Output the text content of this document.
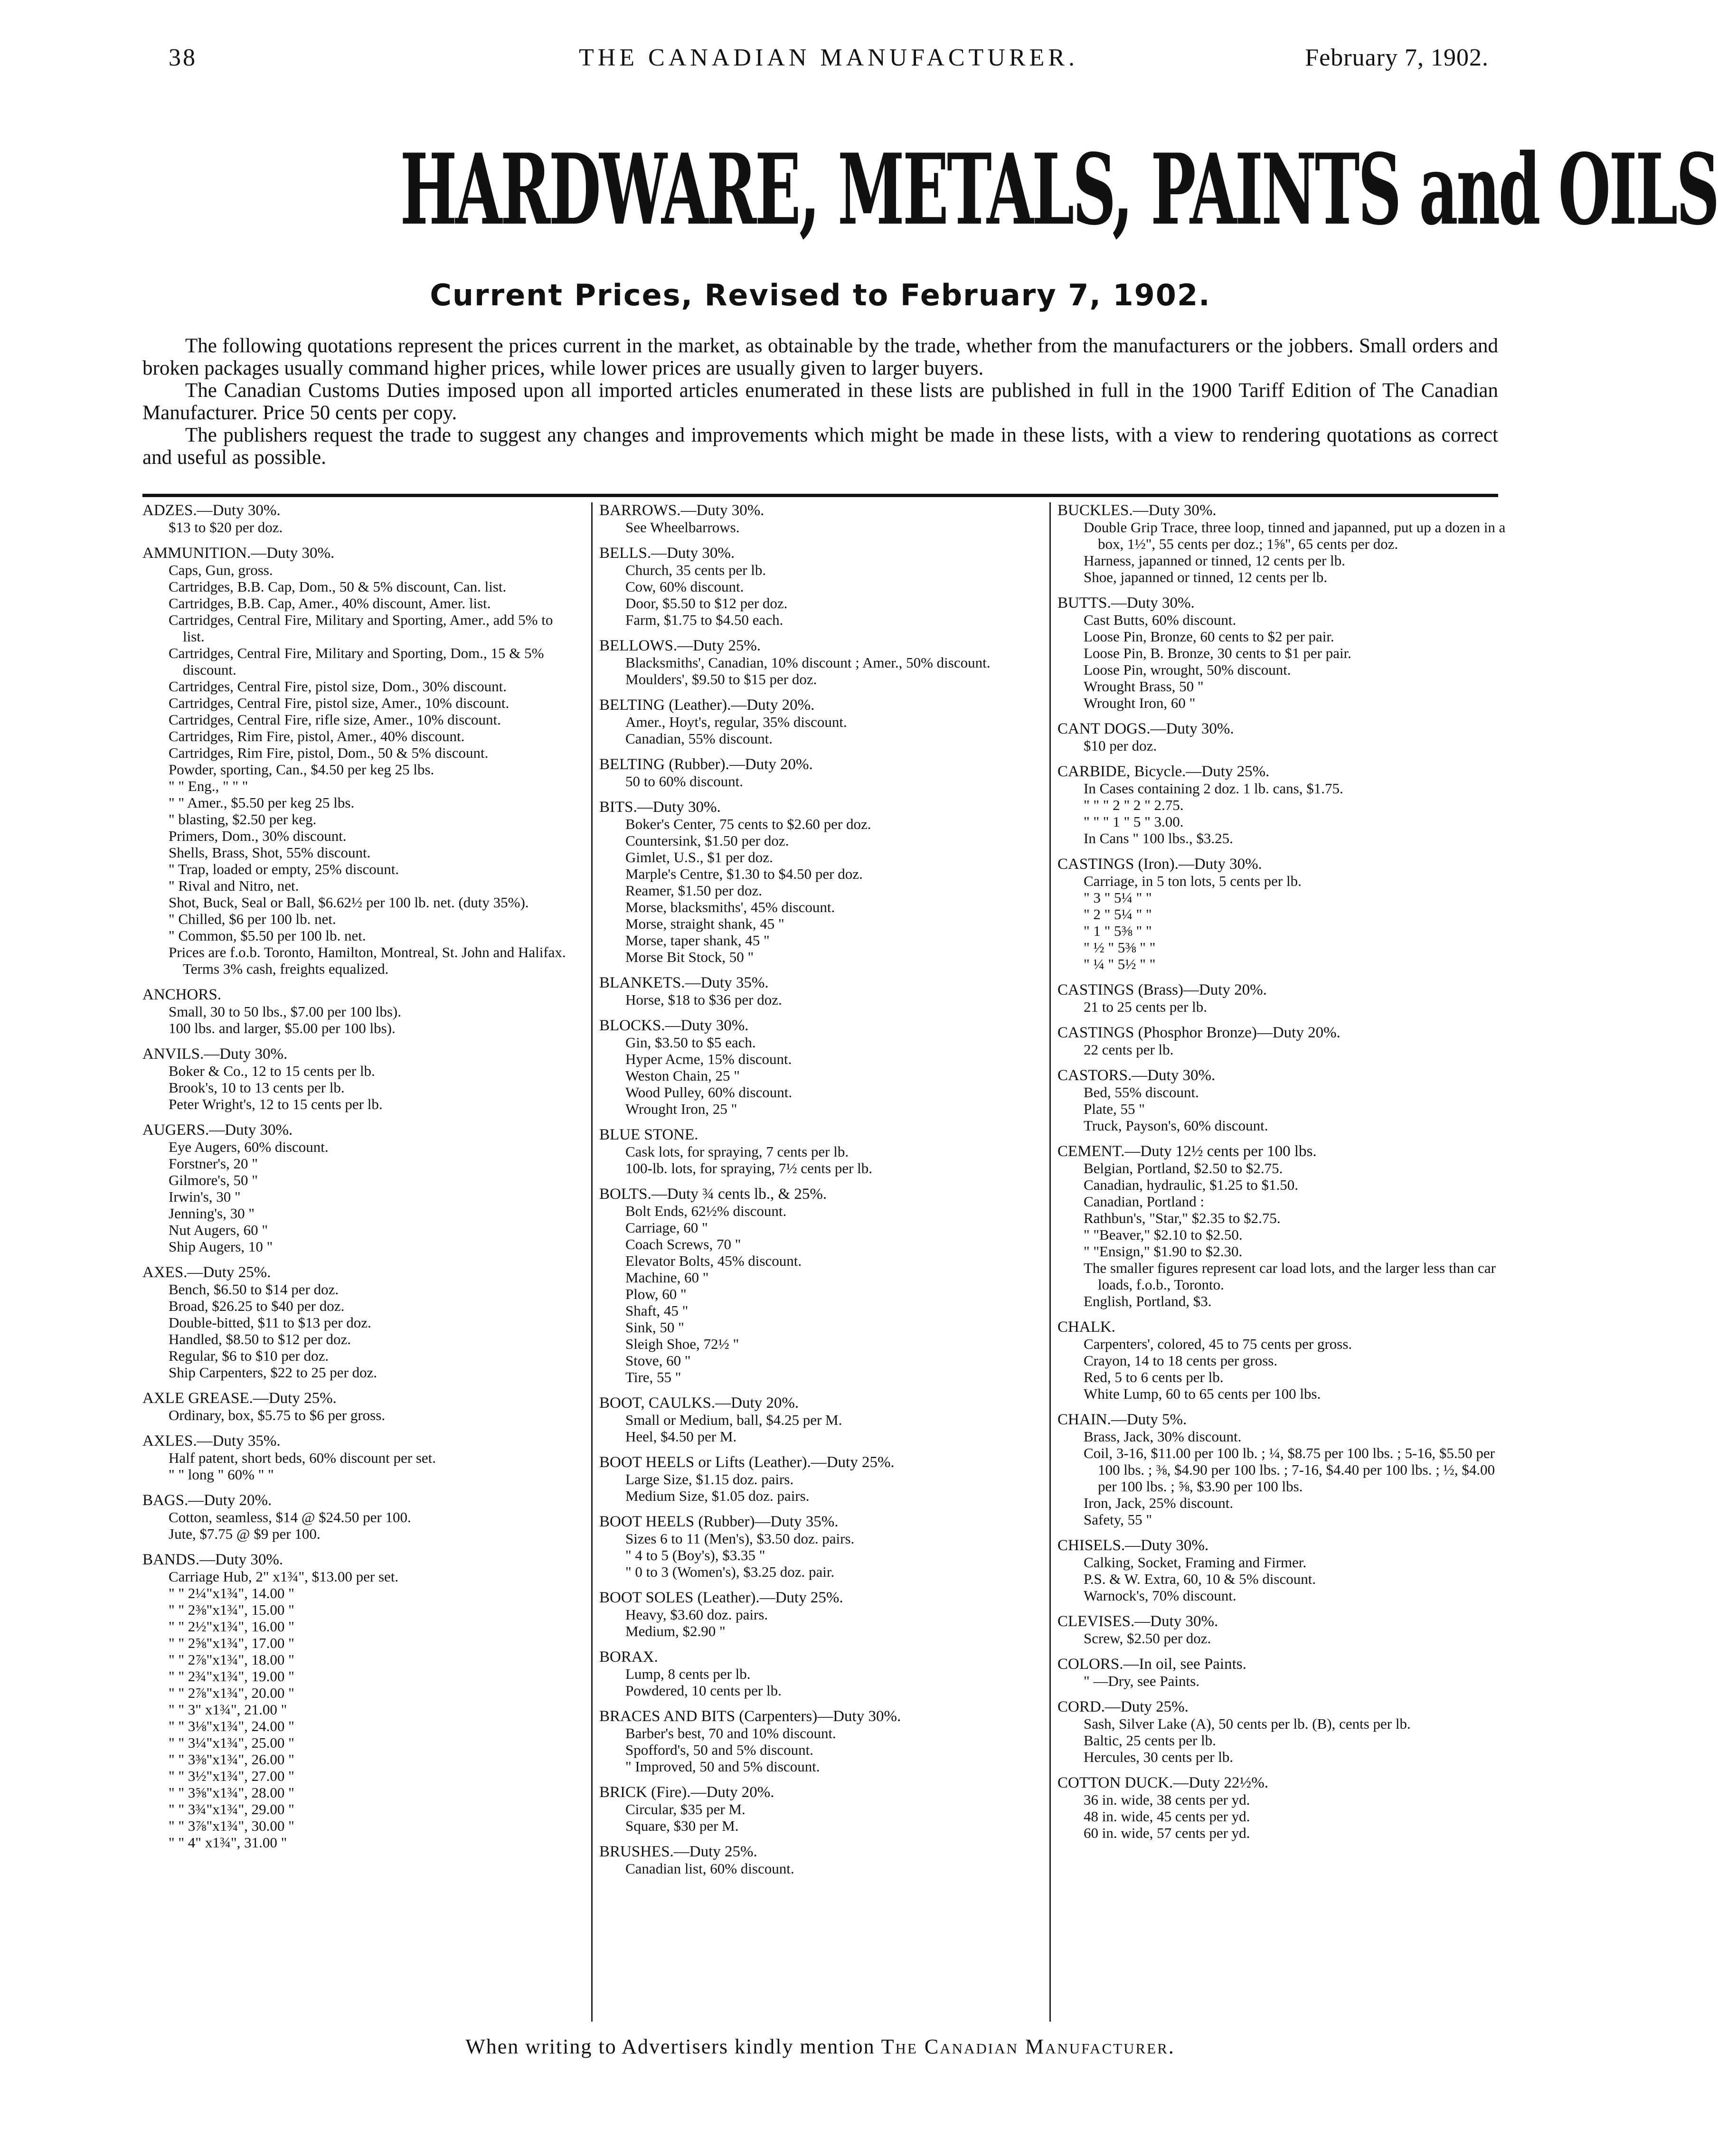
38	THE CANADIAN MANUFACTURER.	February 7, 1902.
HARDWARE, METALS, PAINTS and OILS
Current Prices, Revised to February 7, 1902.

The following quotations represent the prices current in the market, as obtainable by the trade, whether from the manufacturers or the jobbers. Small orders and broken packages usually command higher prices, while lower prices are usually given to larger buyers.

The Canadian Customs Duties imposed upon all imported articles enumerated in these lists are published in full in the 1900 Tariff Edition of The Canadian Manufacturer. Price 50 cents per copy.

The publishers request the trade to suggest any changes and improvements which might be made in these lists, with a view to rendering quotations as correct and useful as possible.

ADZES.—Duty 30%.

$13 to $20 per doz.

AMMUNITION.—Duty 30%.

Caps, Gun, gross.

Cartridges, B.B. Cap, Dom., 50 & 5% discount, Can. list.

Cartridges, B.B. Cap, Amer., 40% discount, Amer. list.

Cartridges, Central Fire, Military and Sporting, Amer., add 5% to list.

Cartridges, Central Fire, Military and Sporting, Dom., 15 & 5% discount.

Cartridges, Central Fire, pistol size, Dom., 30% discount.

Cartridges, Central Fire, pistol size, Amer., 10% discount.

Cartridges, Central Fire, rifle size, Amer., 10% discount.

Cartridges, Rim Fire, pistol, Amer., 40% discount.

Cartridges, Rim Fire, pistol, Dom., 50 & 5% discount.

Powder, sporting, Can., $4.50 per keg 25 lbs.

" " Eng., " " "

" " Amer., $5.50 per keg 25 lbs.

" blasting, $2.50 per keg.

Primers, Dom., 30% discount.

Shells, Brass, Shot, 55% discount.

" Trap, loaded or empty, 25% discount.

" Rival and Nitro, net.

Shot, Buck, Seal or Ball, $6.62½ per 100 lb. net. (duty 35%).

" Chilled, $6 per 100 lb. net.

" Common, $5.50 per 100 lb. net.

Prices are f.o.b. Toronto, Hamilton, Montreal, St. John and Halifax. Terms 3% cash, freights equalized.

ANCHORS.

Small, 30 to 50 lbs., $7.00 per 100 lbs).

100 lbs. and larger, $5.00 per 100 lbs).

ANVILS.—Duty 30%.

Boker & Co., 12 to 15 cents per lb.

Brook's, 10 to 13 cents per lb.

Peter Wright's, 12 to 15 cents per lb.

AUGERS.—Duty 30%.

Eye Augers, 60% discount.

Forstner's, 20 "

Gilmore's, 50 "

Irwin's, 30 "

Jenning's, 30 "

Nut Augers, 60 "

Ship Augers, 10 "

AXES.—Duty 25%.

Bench, $6.50 to $14 per doz.

Broad, $26.25 to $40 per doz.

Double-bitted, $11 to $13 per doz.

Handled, $8.50 to $12 per doz.

Regular, $6 to $10 per doz.

Ship Carpenters, $22 to 25 per doz.

AXLE GREASE.—Duty 25%.

Ordinary, box, $5.75 to $6 per gross.

AXLES.—Duty 35%.

Half patent, short beds, 60% discount per set.

" " long " 60% " "

BAGS.—Duty 20%.

Cotton, seamless, $14 @ $24.50 per 100.

Jute, $7.75 @ $9 per 100.

BANDS.—Duty 30%.

Carriage Hub, 2" x1¾", $13.00 per set.

" " 2¼"x1¾", 14.00 "

" " 2⅜"x1¾", 15.00 "

" " 2½"x1¾", 16.00 "

" " 2⅝"x1¾", 17.00 "

" " 2⅞"x1¾", 18.00 "

" " 2¾"x1¾", 19.00 "

" " 2⅞"x1¾", 20.00 "

" " 3" x1¾", 21.00 "

" " 3⅛"x1¾", 24.00 "

" " 3¼"x1¾", 25.00 "

" " 3⅜"x1¾", 26.00 "

" " 3½"x1¾", 27.00 "

" " 3⅝"x1¾", 28.00 "

" " 3¾"x1¾", 29.00 "

" " 3⅞"x1¾", 30.00 "

" " 4" x1¾", 31.00 "

BARROWS.—Duty 30%.

See Wheelbarrows.

BELLS.—Duty 30%.

Church, 35 cents per lb.

Cow, 60% discount.

Door, $5.50 to $12 per doz.

Farm, $1.75 to $4.50 each.

BELLOWS.—Duty 25%.

Blacksmiths', Canadian, 10% discount ; Amer., 50% discount.

Moulders', $9.50 to $15 per doz.

BELTING (Leather).—Duty 20%.

Amer., Hoyt's, regular, 35% discount.

Canadian, 55% discount.

BELTING (Rubber).—Duty 20%.

50 to 60% discount.

BITS.—Duty 30%.

Boker's Center, 75 cents to $2.60 per doz.

Countersink, $1.50 per doz.

Gimlet, U.S., $1 per doz.

Marple's Centre, $1.30 to $4.50 per doz.

Reamer, $1.50 per doz.

Morse, blacksmiths', 45% discount.

Morse, straight shank, 45 "

Morse, taper shank, 45 "

Morse Bit Stock, 50 "

BLANKETS.—Duty 35%.

Horse, $18 to $36 per doz.

BLOCKS.—Duty 30%.

Gin, $3.50 to $5 each.

Hyper Acme, 15% discount.

Weston Chain, 25 "

Wood Pulley, 60% discount.

Wrought Iron, 25 "

BLUE STONE.

Cask lots, for spraying, 7 cents per lb.

100-lb. lots, for spraying, 7½ cents per lb.

BOLTS.—Duty ¾ cents lb., & 25%.

Bolt Ends, 62½% discount.

Carriage, 60 "

Coach Screws, 70 "

Elevator Bolts, 45% discount.

Machine, 60 "

Plow, 60 "

Shaft, 45 "

Sink, 50 "

Sleigh Shoe, 72½ "

Stove, 60 "

Tire, 55 "

BOOT, CAULKS.—Duty 20%.

Small or Medium, ball, $4.25 per M.

Heel, $4.50 per M.

BOOT HEELS or Lifts (Leather).—Duty 25%.

Large Size, $1.15 doz. pairs.

Medium Size, $1.05 doz. pairs.

BOOT HEELS (Rubber)—Duty 35%.

Sizes 6 to 11 (Men's), $3.50 doz. pairs.

" 4 to 5 (Boy's), $3.35 "

" 0 to 3 (Women's), $3.25 doz. pair.

BOOT SOLES (Leather).—Duty 25%.

Heavy, $3.60 doz. pairs.

Medium, $2.90 "

BORAX.

Lump, 8 cents per lb.

Powdered, 10 cents per lb.

BRACES AND BITS (Carpenters)—Duty 30%.

Barber's best, 70 and 10% discount.

Spofford's, 50 and 5% discount.

" Improved, 50 and 5% discount.

BRICK (Fire).—Duty 20%.

Circular, $35 per M.

Square, $30 per M.

BRUSHES.—Duty 25%.

Canadian list, 60% discount.

BUCKLES.—Duty 30%.

Double Grip Trace, three loop, tinned and japanned, put up a dozen in a box, 1½", 55 cents per doz.; 1⅝", 65 cents per doz.

Harness, japanned or tinned, 12 cents per lb.

Shoe, japanned or tinned, 12 cents per lb.

BUTTS.—Duty 30%.

Cast Butts, 60% discount.

Loose Pin, Bronze, 60 cents to $2 per pair.

Loose Pin, B. Bronze, 30 cents to $1 per pair.

Loose Pin, wrought, 50% discount.

Wrought Brass, 50 "

Wrought Iron, 60 "

CANT DOGS.—Duty 30%.

$10 per doz.

CARBIDE, Bicycle.—Duty 25%.

In Cases containing 2 doz. 1 lb. cans, $1.75.

" " " 2 " 2 " 2.75.

" " " 1 " 5 " 3.00.

In Cans " 100 lbs., $3.25.

CASTINGS (Iron).—Duty 30%.

Carriage, in 5 ton lots, 5 cents per lb.

" 3 " 5¼ " "

" 2 " 5¼ " "

" 1 " 5⅜ " "

" ½ " 5⅜ " "

" ¼ " 5½ " "

CASTINGS (Brass)—Duty 20%.

21 to 25 cents per lb.

CASTINGS (Phosphor Bronze)—Duty 20%.

22 cents per lb.

CASTORS.—Duty 30%.

Bed, 55% discount.

Plate, 55 "

Truck, Payson's, 60% discount.

CEMENT.—Duty 12½ cents per 100 lbs.

Belgian, Portland, $2.50 to $2.75.

Canadian, hydraulic, $1.25 to $1.50.

Canadian, Portland :

Rathbun's, "Star," $2.35 to $2.75.

" "Beaver," $2.10 to $2.50.

" "Ensign," $1.90 to $2.30.

The smaller figures represent car load lots, and the larger less than car loads, f.o.b., Toronto.

English, Portland, $3.

CHALK.

Carpenters', colored, 45 to 75 cents per gross.

Crayon, 14 to 18 cents per gross.

Red, 5 to 6 cents per lb.

White Lump, 60 to 65 cents per 100 lbs.

CHAIN.—Duty 5%.

Brass, Jack, 30% discount.

Coil, 3-16, $11.00 per 100 lb. ; ¼, $8.75 per 100 lbs. ; 5-16, $5.50 per 100 lbs. ; ⅜, $4.90 per 100 lbs. ; 7-16, $4.40 per 100 lbs. ; ½, $4.00 per 100 lbs. ; ⅝, $3.90 per 100 lbs.

Iron, Jack, 25% discount.

Safety, 55 "

CHISELS.—Duty 30%.

Calking, Socket, Framing and Firmer.

P.S. & W. Extra, 60, 10 & 5% discount.

Warnock's, 70% discount.

CLEVISES.—Duty 30%.

Screw, $2.50 per doz.

COLORS.—In oil, see Paints.

" —Dry, see Paints.

CORD.—Duty 25%.

Sash, Silver Lake (A), 50 cents per lb. (B), cents per lb.

Baltic, 25 cents per lb.

Hercules, 30 cents per lb.

COTTON DUCK.—Duty 22½%.

36 in. wide, 38 cents per yd.

48 in. wide, 45 cents per yd.

60 in. wide, 57 cents per yd.

When writing to Advertisers kindly mention The Canadian Manufacturer.
